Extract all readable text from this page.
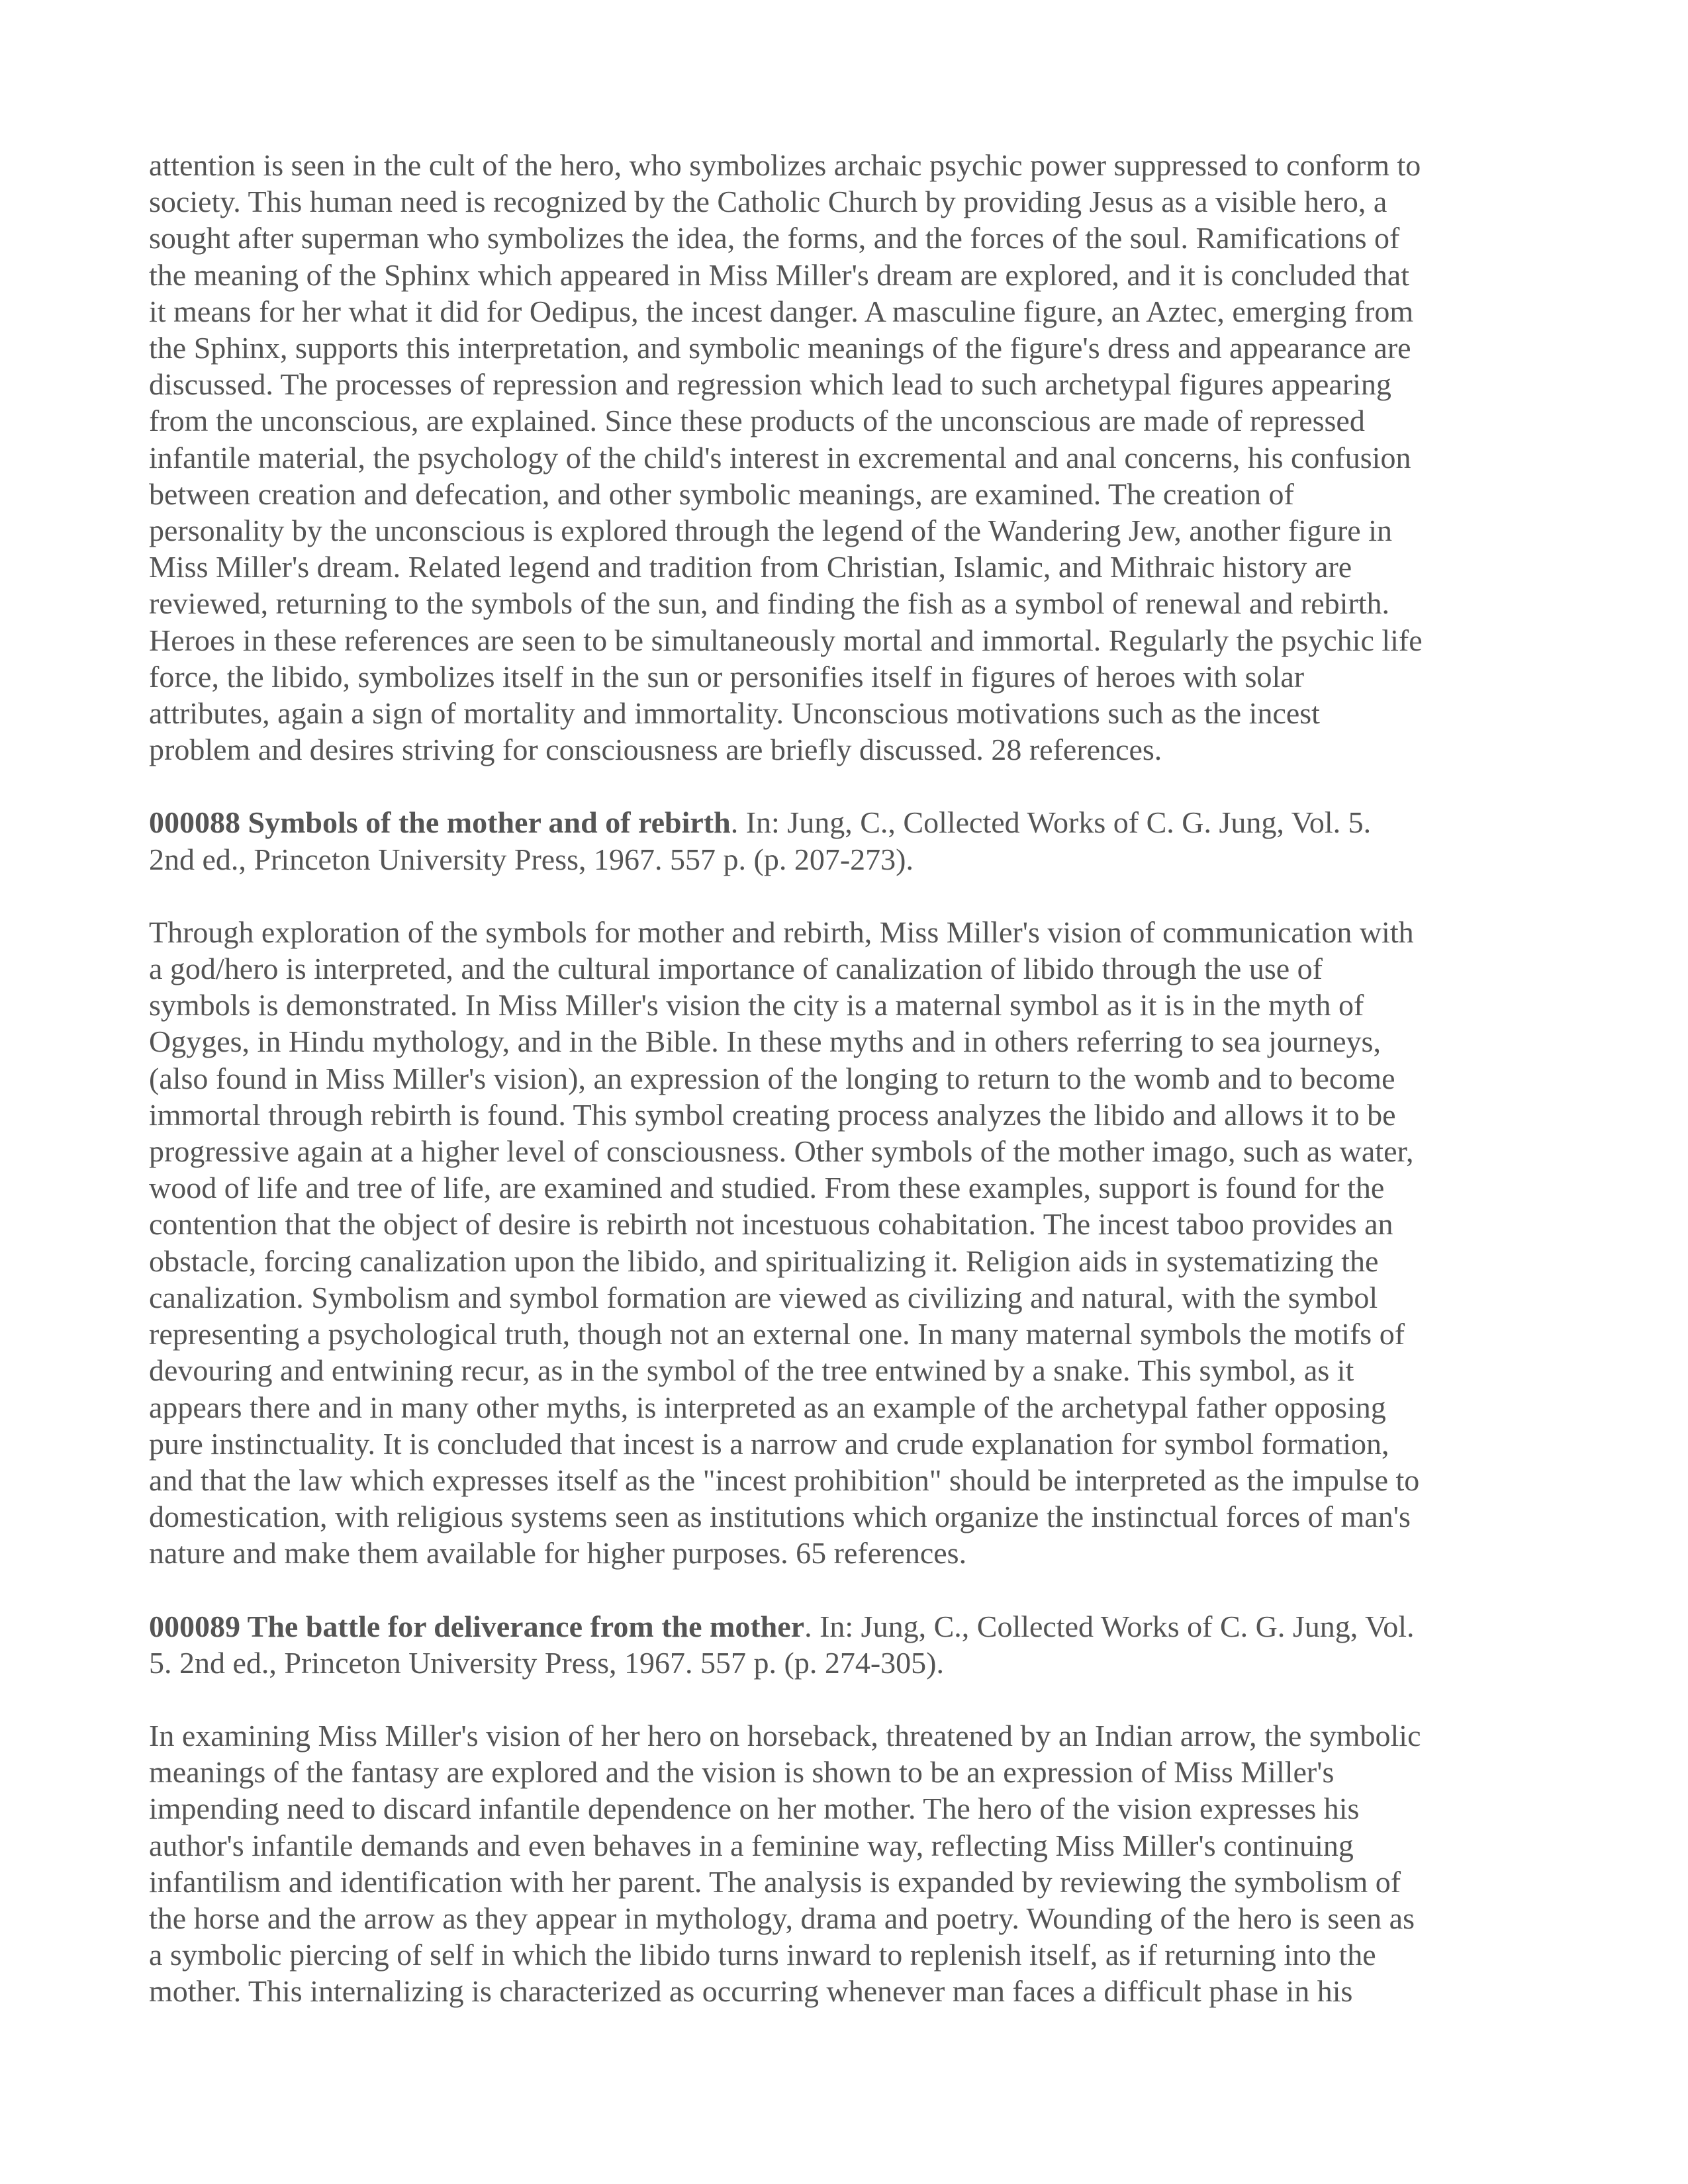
attention is seen in the cult of the hero, who symbolizes archaic psychic power suppressed to conform to
society. This human need is recognized by the Catholic Church by providing Jesus as a visible hero, a
sought after superman who symbolizes the idea, the forms, and the forces of the soul. Ramifications of
the meaning of the Sphinx which appeared in Miss Miller's dream are explored, and it is concluded that
it means for her what it did for Oedipus, the incest danger. A masculine figure, an Aztec, emerging from
the Sphinx, supports this interpretation, and symbolic meanings of the figure's dress and appearance are
discussed. The processes of repression and regression which lead to such archetypal figures appearing
from the unconscious, are explained. Since these products of the unconscious are made of repressed
infantile material, the psychology of the child's interest in excremental and anal concerns, his confusion
between creation and defecation, and other symbolic meanings, are examined. The creation of
personality by the unconscious is explored through the legend of the Wandering Jew, another figure in
Miss Miller's dream. Related legend and tradition from Christian, Islamic, and Mithraic history are
reviewed, returning to the symbols of the sun, and finding the fish as a symbol of renewal and rebirth.
Heroes in these references are seen to be simultaneously mortal and immortal. Regularly the psychic life
force, the libido, symbolizes itself in the sun or personifies itself in figures of heroes with solar
attributes, again a sign of mortality and immortality. Unconscious motivations such as the incest
problem and desires striving for consciousness are briefly discussed. 28 references.

000088 Symbols of the mother and of rebirth. In: Jung, C., Collected Works of C. G. Jung, Vol. 5.
2nd ed., Princeton University Press, 1967. 557 p. (p. 207-273).

Through exploration of the symbols for mother and rebirth, Miss Miller's vision of communication with
a god/hero is interpreted, and the cultural importance of canalization of libido through the use of
symbols is demonstrated. In Miss Miller's vision the city is a maternal symbol as it is in the myth of
Ogyges, in Hindu mythology, and in the Bible. In these myths and in others referring to sea journeys,
(also found in Miss Miller's vision), an expression of the longing to return to the womb and to become
immortal through rebirth is found. This symbol creating process analyzes the libido and allows it to be
progressive again at a higher level of consciousness. Other symbols of the mother imago, such as water,
wood of life and tree of life, are examined and studied. From these examples, support is found for the
contention that the object of desire is rebirth not incestuous cohabitation. The incest taboo provides an
obstacle, forcing canalization upon the libido, and spiritualizing it. Religion aids in systematizing the
canalization. Symbolism and symbol formation are viewed as civilizing and natural, with the symbol
representing a psychological truth, though not an external one. In many maternal symbols the motifs of
devouring and entwining recur, as in the symbol of the tree entwined by a snake. This symbol, as it
appears there and in many other myths, is interpreted as an example of the archetypal father opposing
pure instinctuality. It is concluded that incest is a narrow and crude explanation for symbol formation,
and that the law which expresses itself as the "incest prohibition" should be interpreted as the impulse to
domestication, with religious systems seen as institutions which organize the instinctual forces of man's
nature and make them available for higher purposes. 65 references.

000089 The battle for deliverance from the mother. In: Jung, C., Collected Works of C. G. Jung, Vol.
5. 2nd ed., Princeton University Press, 1967. 557 p. (p. 274-305).

In examining Miss Miller's vision of her hero on horseback, threatened by an Indian arrow, the symbolic
meanings of the fantasy are explored and the vision is shown to be an expression of Miss Miller's
impending need to discard infantile dependence on her mother. The hero of the vision expresses his
author's infantile demands and even behaves in a feminine way, reflecting Miss Miller's continuing
infantilism and identification with her parent. The analysis is expanded by reviewing the symbolism of
the horse and the arrow as they appear in mythology, drama and poetry. Wounding of the hero is seen as
a symbolic piercing of self in which the libido turns inward to replenish itself, as if returning into the
mother. This internalizing is characterized as occurring whenever man faces a difficult phase in his
